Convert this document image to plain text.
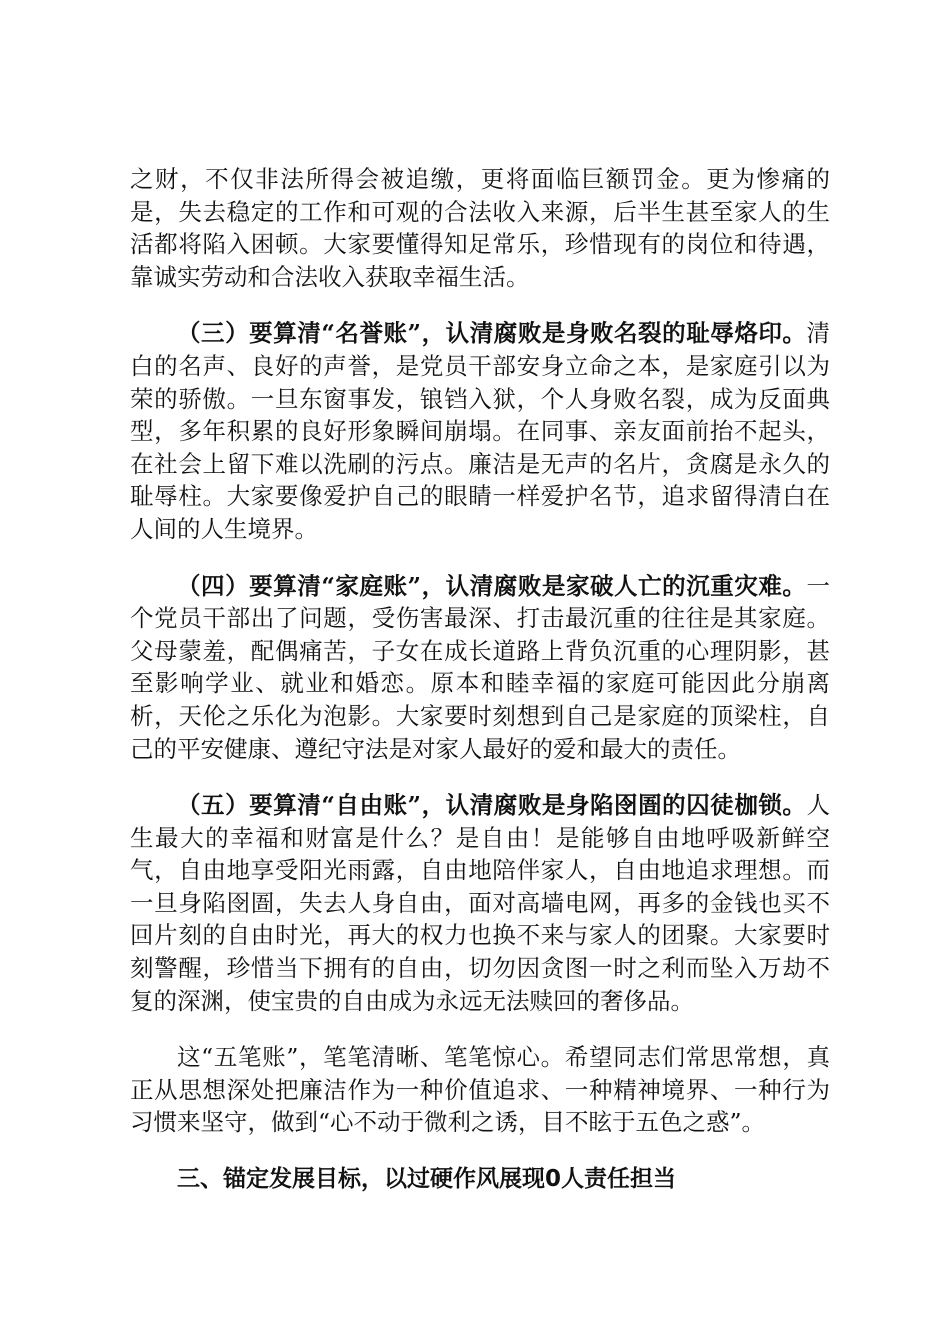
之财，不仅非法所得会被追缴，更将面临巨额罚金。更为惨痛的是，失去稳定的工作和可观的合法收入来源，后半生甚至家人的生活都将陷入困顿。大家要懂得知足常乐，珍惜现有的岗位和待遇，靠诚实劳动和合法收入获取幸福生活。

（三）要算清“名誉账”，认清腐败是身败名裂的耻辱烙印。清白的名声、良好的声誉，是党员干部安身立命之本，是家庭引以为荣的骄傲。一旦东窗事发，锒铛入狱，个人身败名裂，成为反面典型，多年积累的良好形象瞬间崩塌。在同事、亲友面前抬不起头，在社会上留下难以洗刷的污点。廉洁是无声的名片，贪腐是永久的耻辱柱。大家要像爱护自己的眼睛一样爱护名节，追求留得清白在人间的人生境界。

（四）要算清“家庭账”，认清腐败是家破人亡的沉重灾难。一个党员干部出了问题，受伤害最深、打击最沉重的往往是其家庭。父母蒙羞，配偶痛苦，子女在成长道路上背负沉重的心理阴影，甚至影响学业、就业和婚恋。原本和睦幸福的家庭可能因此分崩离析，天伦之乐化为泡影。大家要时刻想到自己是家庭的顶梁柱，自己的平安健康、遵纪守法是对家人最好的爱和最大的责任。

（五）要算清“自由账”，认清腐败是身陷囹圄的囚徒枷锁。人生最大的幸福和财富是什么？是自由！是能够自由地呼吸新鲜空气，自由地享受阳光雨露，自由地陪伴家人，自由地追求理想。而一旦身陷囹圄，失去人身自由，面对高墙电网，再多的金钱也买不回片刻的自由时光，再大的权力也换不来与家人的团聚。大家要时刻警醒，珍惜当下拥有的自由，切勿因贪图一时之利而坠入万劫不复的深渊，使宝贵的自由成为永远无法赎回的奢侈品。

这“五笔账”，笔笔清晰、笔笔惊心。希望同志们常思常想，真正从思想深处把廉洁作为一种价值追求、一种精神境界、一种行为习惯来坚守，做到“心不动于微利之诱，目不眩于五色之惑”。

三、锚定发展目标，以过硬作风展现0人责任担当
